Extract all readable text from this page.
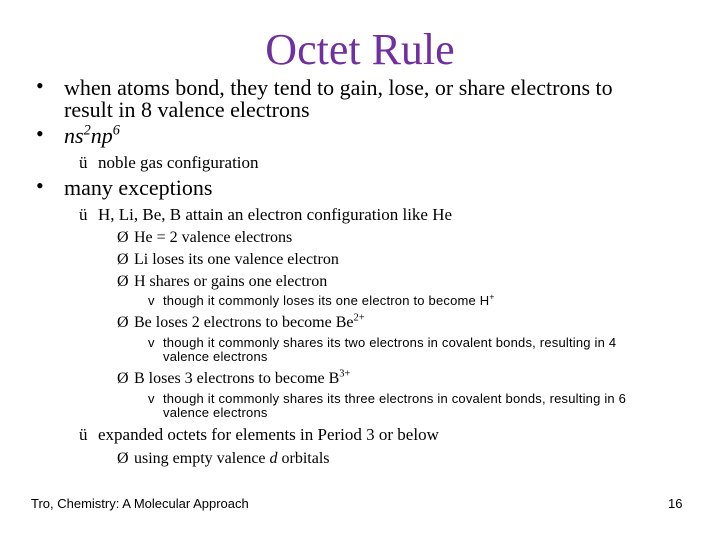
Octet Rule
• when atoms bond, they tend to gain, lose, or share electrons to
result in 8 valence electrons
• $ns^2np^6$
ü noble gas configuration
• many exceptions
ü H, Li, Be, B attain an electron configuration like He
Ø He = 2 valence electrons
Ø Li loses its one valence electron
Ø H shares or gains one electron
v though it commonly loses its one electron to become H+
Ø Be loses 2 electrons to become $Be^{2+}$
v though it commonly shares its two electrons in covalent bonds, resulting in 4
valence electrons
Ø B loses 3 electrons to become $B^{3+}$
v though it commonly shares its three electrons in covalent bonds, resulting in 6
valence electrons
ü expanded octets for elements in Period 3 or below
Ø using empty valence d orbitals
Tro, Chemistry: A Molecular Approach	16
